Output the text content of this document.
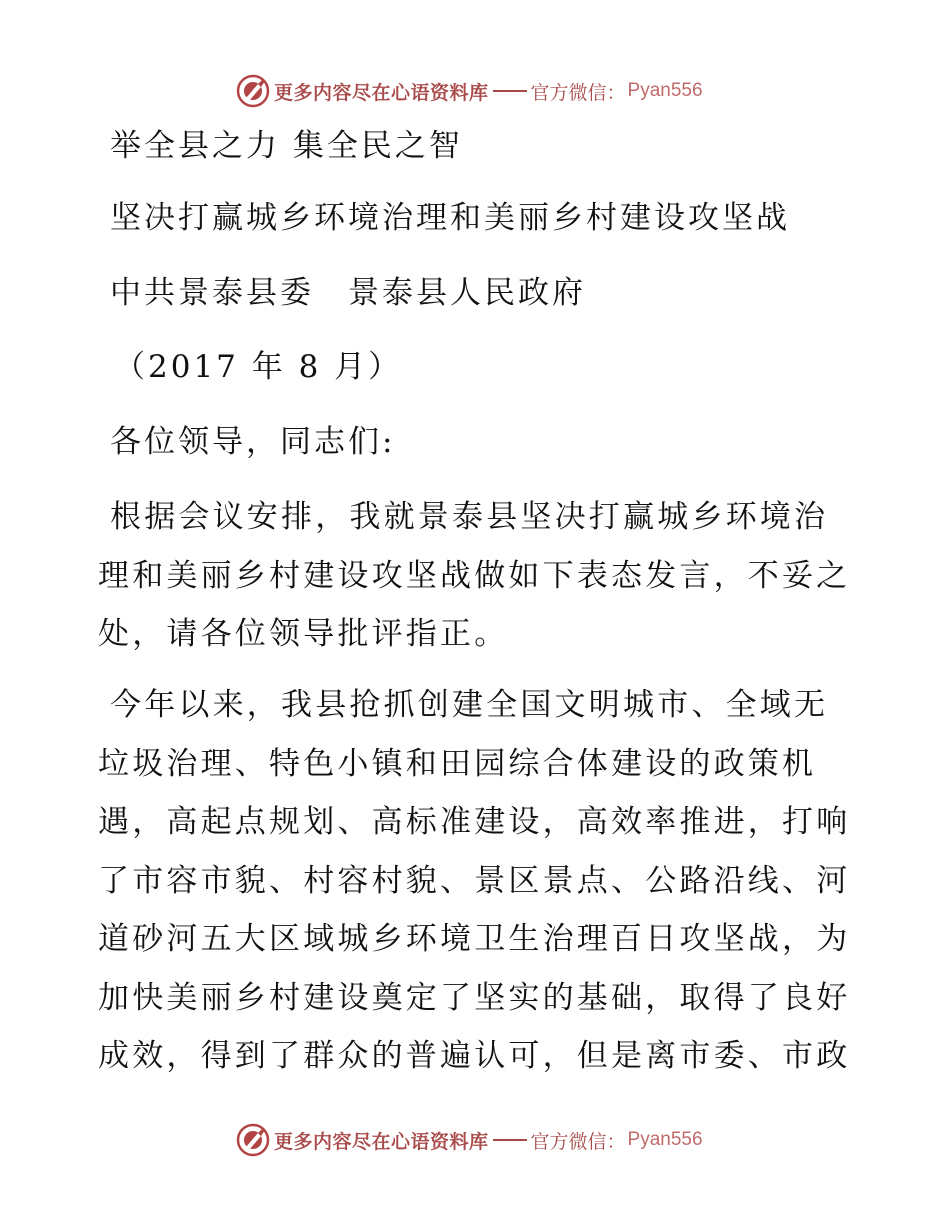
更多内容尽在心语资料库 官方微信： Pyan556
举全县之力 集全民之智
坚决打赢城乡环境治理和美丽乡村建设攻坚战
中共景泰县委　景泰县人民政府
（2017 年 8 月）
各位领导，同志们:
根据会议安排，我就景泰县坚决打赢城乡环境治理和美丽乡村建设攻坚战做如下表态发言，不妥之处，请各位领导批评指正。
今年以来，我县抢抓创建全国文明城市、全域无垃圾治理、特色小镇和田园综合体建设的政策机遇，高起点规划、高标准建设，高效率推进，打响了市容市貌、村容村貌、景区景点、公路沿线、河道砂河五大区域城乡环境卫生治理百日攻坚战，为加快美丽乡村建设奠定了坚实的基础，取得了良好成效，得到了群众的普遍认可，但是离市委、市政
更多内容尽在心语资料库 官方微信： Pyan556
